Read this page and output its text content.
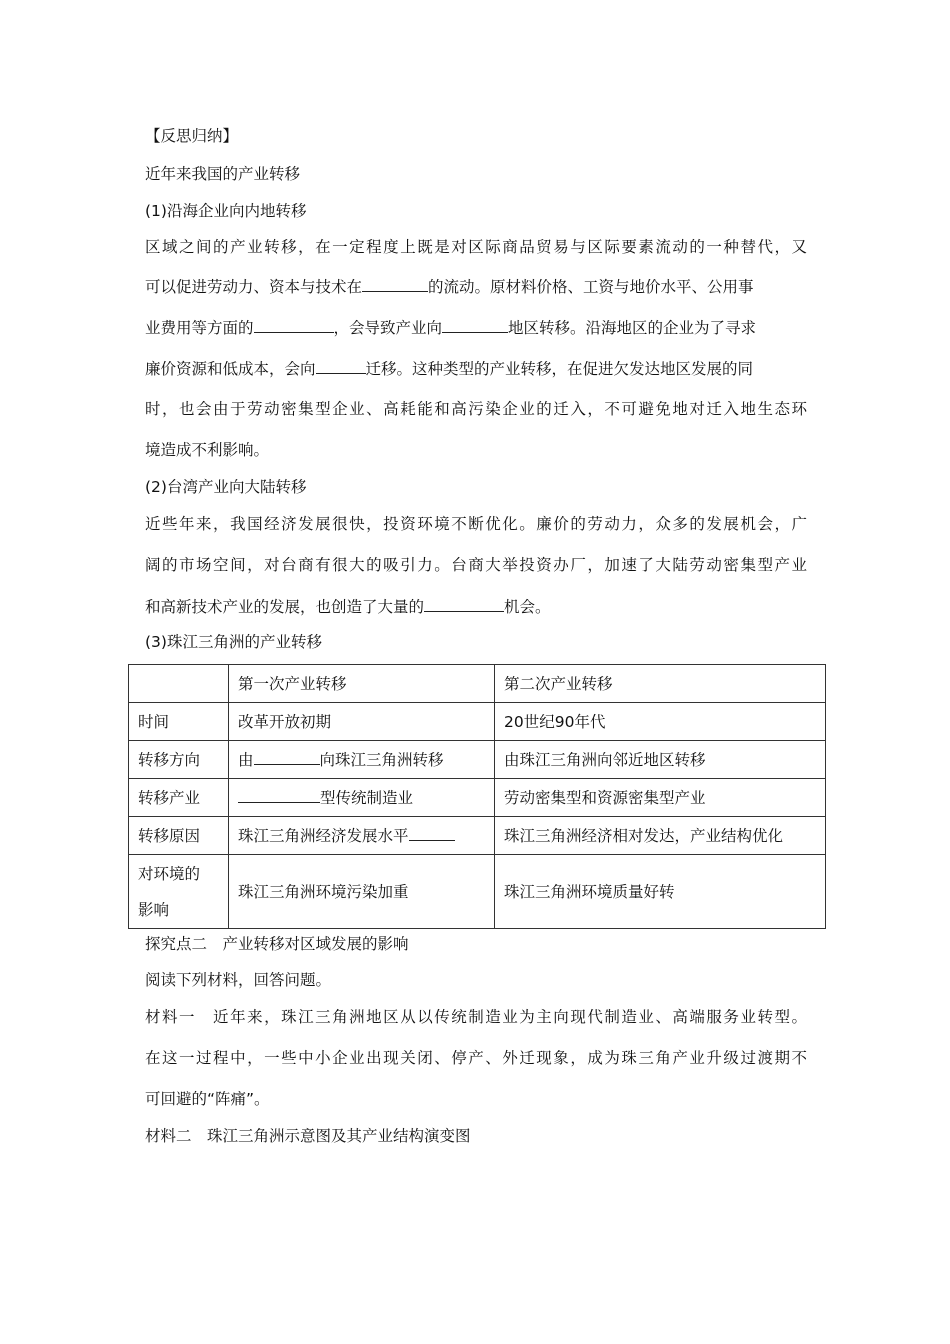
【反思归纳】
近年来我国的产业转移
(1)沿海企业向内地转移
区域之间的产业转移，在一定程度上既是对区际商品贸易与区际要素流动的一种替代，又
可以促进劳动力、资本与技术在	的流动。原材料价格、工资与地价水平、公用事
业费用等方面的	，会导致产业向	地区转移。沿海地区的企业为了寻求
廉价资源和低成本，会向	迁移。这种类型的产业转移，在促进欠发达地区发展的同
时，也会由于劳动密集型企业、高耗能和高污染企业的迁入，不可避免地对迁入地生态环
境造成不利影响。
(2)台湾产业向大陆转移
近些年来，我国经济发展很快，投资环境不断优化。廉价的劳动力，众多的发展机会，广
阔的市场空间，对台商有很大的吸引力。台商大举投资办厂，加速了大陆劳动密集型产业
和高新技术产业的发展，也创造了大量的	机会。
(3)珠江三角洲的产业转移
	第一次产业转移	第二次产业转移
时间	改革开放初期	20世纪90年代
转移方向	由 向珠江三角洲转移	由珠江三角洲向邻近地区转移
转移产业	型传统制造业	劳动密集型和资源密集型产业
转移原因	珠江三角洲经济发展水平	珠江三角洲经济相对发达，产业结构优化
对环境的
影响	珠江三角洲环境污染加重	珠江三角洲环境质量好转
探究点二　产业转移对区域发展的影响
阅读下列材料，回答问题。
材料一　近年来，珠江三角洲地区从以传统制造业为主向现代制造业、高端服务业转型。
在这一过程中，一些中小企业出现关闭、停产、外迁现象，成为珠三角产业升级过渡期不
可回避的“阵痛”。
材料二　珠江三角洲示意图及其产业结构演变图
